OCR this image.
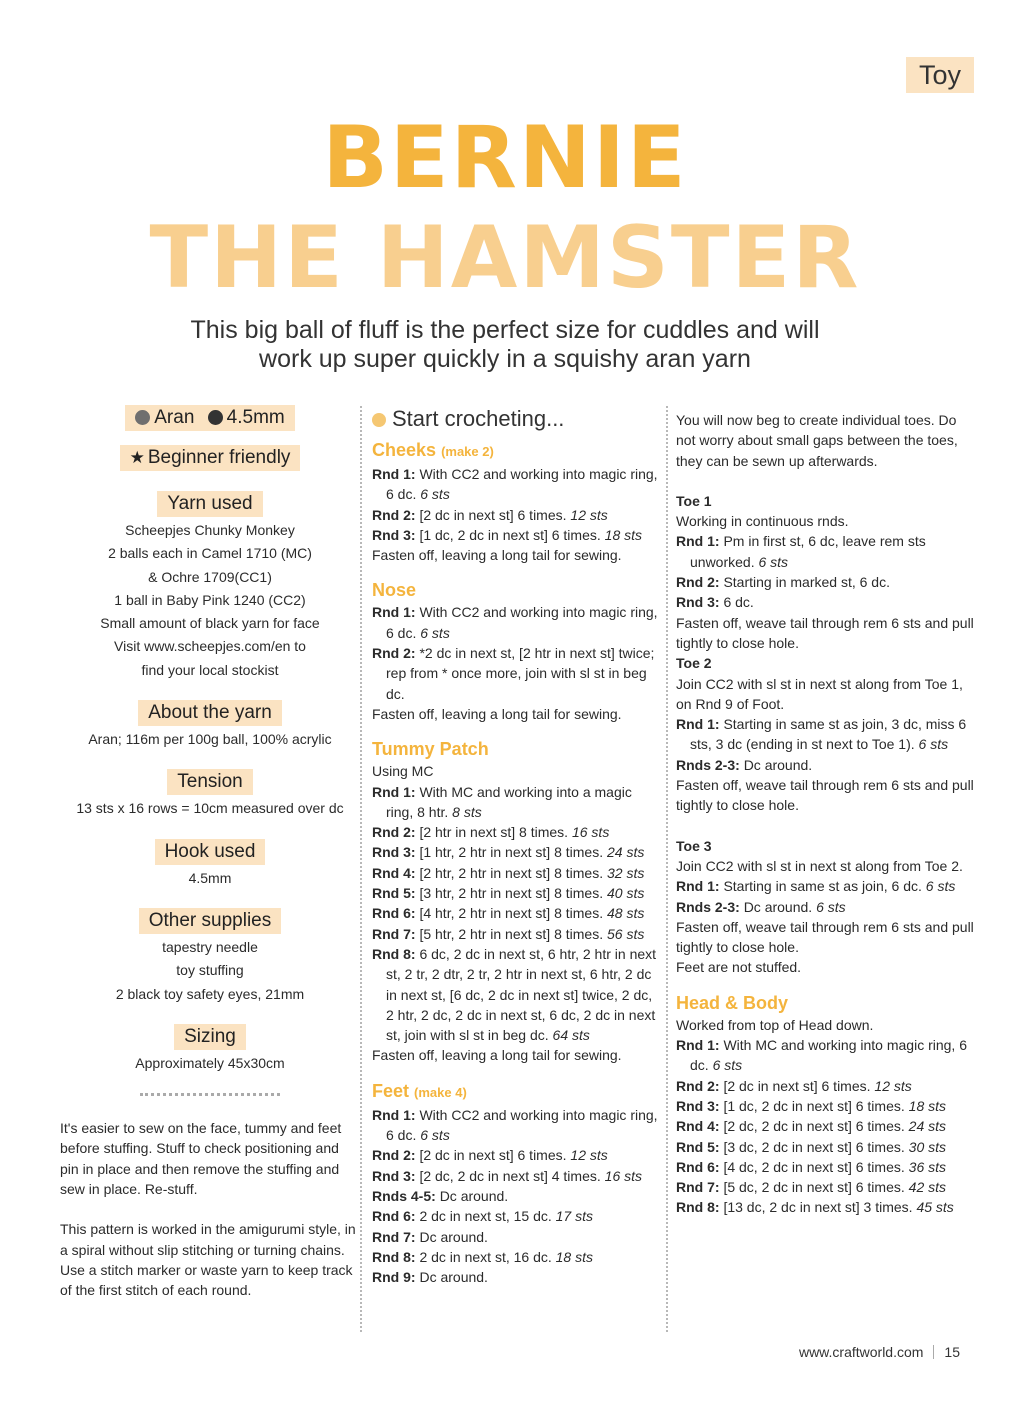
Toy
BERNIE
THE HAMSTER

This big ball of fluff is the perfect size for cuddles and will work up super quickly in a squishy aran yarn

Aran 4.5mm
★ Beginner friendly
Yarn used

Scheepjes Chunky Monkey

2 balls each in Camel 1710 (MC)

& Ochre 1709(CC1)

1 ball in Baby Pink 1240 (CC2)

Small amount of black yarn for face

Visit www.scheepjes.com/en to

find your local stockist

About the yarn

Aran; 116m per 100g ball, 100% acrylic

Tension

13 sts x 16 rows = 10cm measured over dc

Hook used

4.5mm

Other supplies

tapestry needle

toy stuffing

2 black toy safety eyes, 21mm

Sizing

Approximately 45x30cm

It's easier to sew on the face, tummy and feet before stuffing. Stuff to check positioning and pin in place and then remove the stuffing and sew in place. Re-stuff.

This pattern is worked in the amigurumi style, in a spiral without slip stitching or turning chains. Use a stitch marker or waste yarn to keep track of the first stitch of each round.

Start crocheting...

Cheeks (make 2)

Rnd 1: With CC2 and working into magic ring, 6 dc. 6 sts

Rnd 2: [2 dc in next st] 6 times. 12 sts

Rnd 3: [1 dc, 2 dc in next st] 6 times. 18 sts

Fasten off, leaving a long tail for sewing.

Nose

Rnd 1: With CC2 and working into magic ring, 6 dc. 6 sts

Rnd 2: *2 dc in next st, [2 htr in next st] twice; rep from * once more, join with sl st in beg dc.

Fasten off, leaving a long tail for sewing.

Tummy Patch

Using MC

Rnd 1: With MC and working into a magic ring, 8 htr. 8 sts

Rnd 2: [2 htr in next st] 8 times. 16 sts

Rnd 3: [1 htr, 2 htr in next st] 8 times. 24 sts

Rnd 4: [2 htr, 2 htr in next st] 8 times. 32 sts

Rnd 5: [3 htr, 2 htr in next st] 8 times. 40 sts

Rnd 6: [4 htr, 2 htr in next st] 8 times. 48 sts

Rnd 7: [5 htr, 2 htr in next st] 8 times. 56 sts

Rnd 8: 6 dc, 2 dc in next st, 6 htr, 2 htr in next st, 2 tr, 2 dtr, 2 tr, 2 htr in next st, 6 htr, 2 dc in next st, [6 dc, 2 dc in next st] twice, 2 dc, 2 htr, 2 dc, 2 dc in next st, 6 dc, 2 dc in next st, join with sl st in beg dc. 64 sts

Fasten off, leaving a long tail for sewing.

Feet (make 4)

Rnd 1: With CC2 and working into magic ring, 6 dc. 6 sts

Rnd 2: [2 dc in next st] 6 times. 12 sts

Rnd 3: [2 dc, 2 dc in next st] 4 times. 16 sts

Rnds 4-5: Dc around.

Rnd 6: 2 dc in next st, 15 dc. 17 sts

Rnd 7: Dc around.

Rnd 8: 2 dc in next st, 16 dc. 18 sts

Rnd 9: Dc around.

You will now beg to create individual toes. Do not worry about small gaps between the toes, they can be sewn up afterwards.

Toe 1

Working in continuous rnds.

Rnd 1: Pm in first st, 6 dc, leave rem sts unworked. 6 sts

Rnd 2: Starting in marked st, 6 dc.

Rnd 3: 6 dc.

Fasten off, weave tail through rem 6 sts and pull tightly to close hole.

Toe 2

Join CC2 with sl st in next st along from Toe 1, on Rnd 9 of Foot.

Rnd 1: Starting in same st as join, 3 dc, miss 6 sts, 3 dc (ending in st next to Toe 1). 6 sts

Rnds 2-3: Dc around.

Fasten off, weave tail through rem 6 sts and pull tightly to close hole.

Toe 3

Join CC2 with sl st in next st along from Toe 2.

Rnd 1: Starting in same st as join, 6 dc. 6 sts

Rnds 2-3: Dc around. 6 sts

Fasten off, weave tail through rem 6 sts and pull tightly to close hole.

Feet are not stuffed.

Head & Body

Worked from top of Head down.

Rnd 1: With MC and working into magic ring, 6 dc. 6 sts

Rnd 2: [2 dc in next st] 6 times. 12 sts

Rnd 3: [1 dc, 2 dc in next st] 6 times. 18 sts

Rnd 4: [2 dc, 2 dc in next st] 6 times. 24 sts

Rnd 5: [3 dc, 2 dc in next st] 6 times. 30 sts

Rnd 6: [4 dc, 2 dc in next st] 6 times. 36 sts

Rnd 7: [5 dc, 2 dc in next st] 6 times. 42 sts

Rnd 8: [13 dc, 2 dc in next st] 3 times. 45 sts

www.craftworld.com 15
